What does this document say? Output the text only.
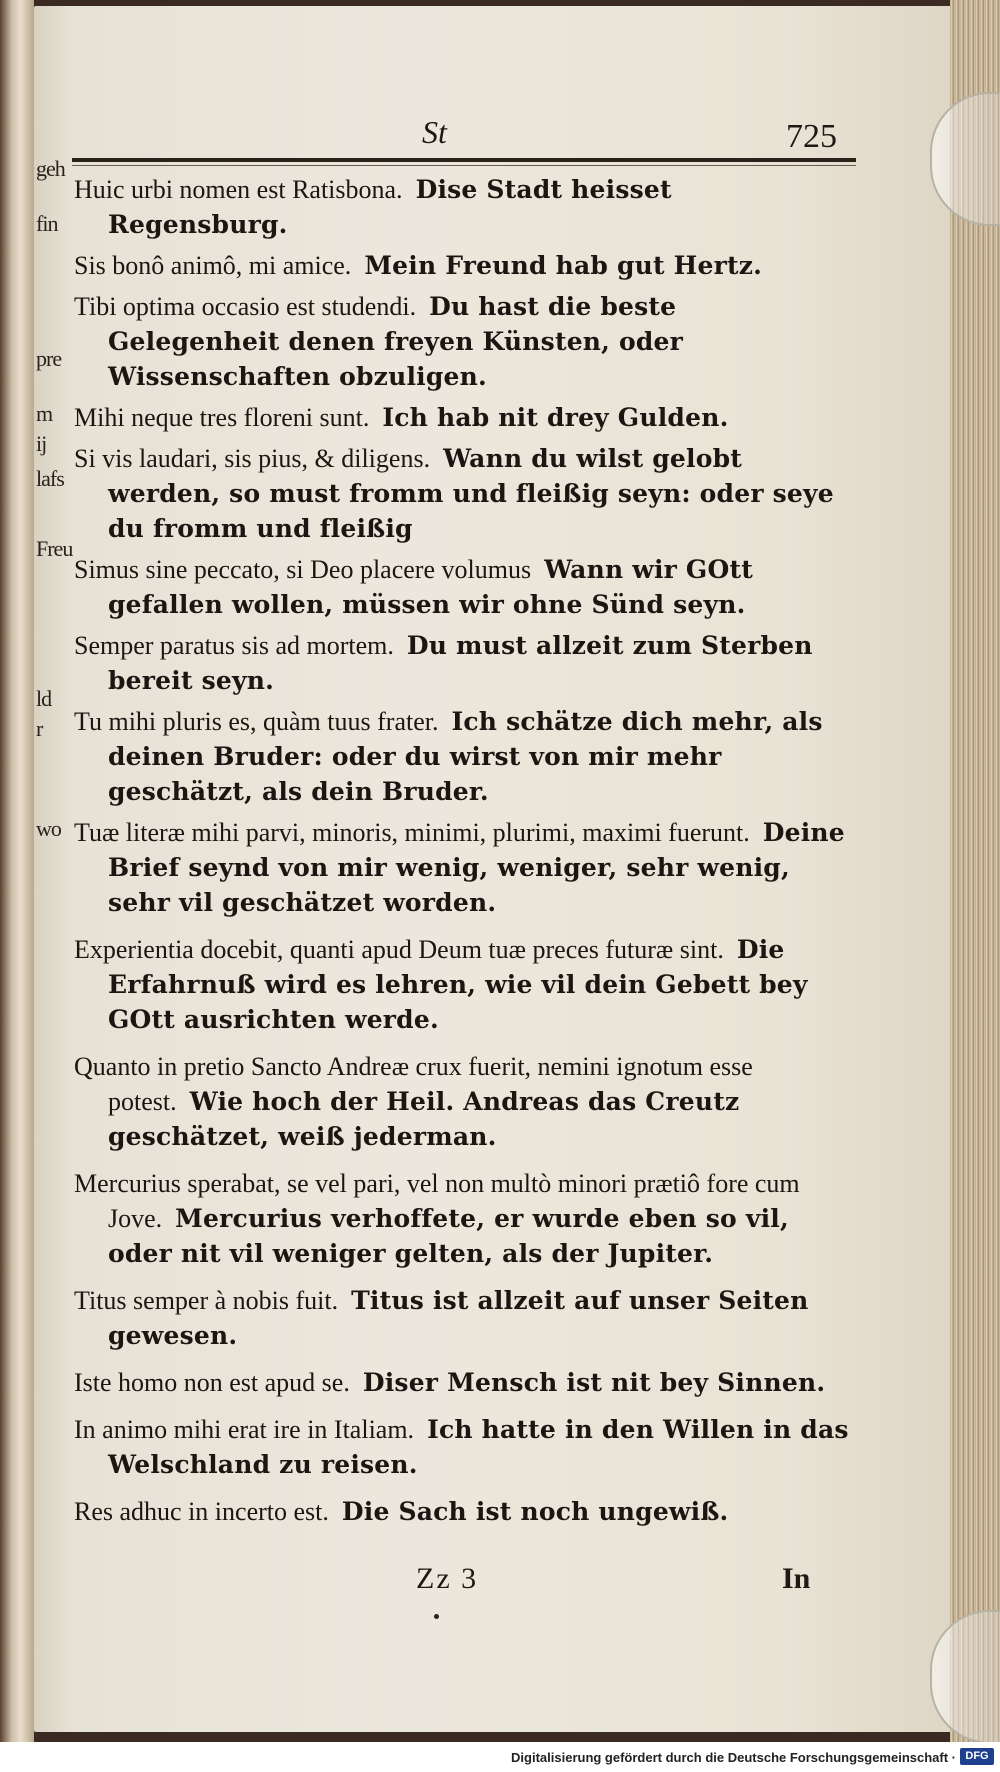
geh
fin
pre
m
ij
lafs
Freu
ld
r
wo
St	725

Huic urbi nomen est Ratisbona. Dise Stadt heisset Regensburg.

Sis bonô animô, mi amice. Mein Freund hab gut Hertz.

Tibi optima occasio est studendi. Du hast die beste Gelegenheit denen freyen Künsten, oder Wissenschaften obzuligen.

Mihi neque tres floreni sunt. Ich hab nit drey Gulden.

Si vis laudari, sis pius, & diligens. Wann du wilst gelobt werden, so must fromm und fleißig seyn: oder seye du fromm und fleißig

Simus sine peccato, si Deo placere volumus Wann wir GOtt gefallen wollen, müssen wir ohne Sünd seyn.

Semper paratus sis ad mortem. Du must allzeit zum Sterben bereit seyn.

Tu mihi pluris es, quàm tuus frater. Ich schätze dich mehr, als deinen Bruder: oder du wirst von mir mehr geschätzt, als dein Bruder.

Tuæ literæ mihi parvi, minoris, minimi, plurimi, maximi fuerunt. Deine Brief seynd von mir wenig, weniger, sehr wenig, sehr vil geschätzet worden.

Experientia docebit, quanti apud Deum tuæ preces futuræ sint. Die Erfahrnuß wird es lehren, wie vil dein Gebett bey GOtt ausrichten werde.

Quanto in pretio Sancto Andreæ crux fuerit, nemini ignotum esse potest. Wie hoch der Heil. Andreas das Creutz geschätzet, weiß jederman.

Mercurius sperabat, se vel pari, vel non multò minori prætiô fore cum Jove. Mercurius verhoffete, er wurde eben so vil, oder nit vil weniger gelten, als der Jupiter.

Titus semper à nobis fuit. Titus ist allzeit auf unser Seiten gewesen.

Iste homo non est apud se. Diser Mensch ist nit bey Sinnen.

In animo mihi erat ire in Italiam. Ich hatte in den Willen in das Welschland zu reisen.

Res adhuc in incerto est. Die Sach ist noch ungewiß.

Zz 3	In
Digitalisierung gefördert durch die Deutsche Forschungsgemeinschaft · DFG
